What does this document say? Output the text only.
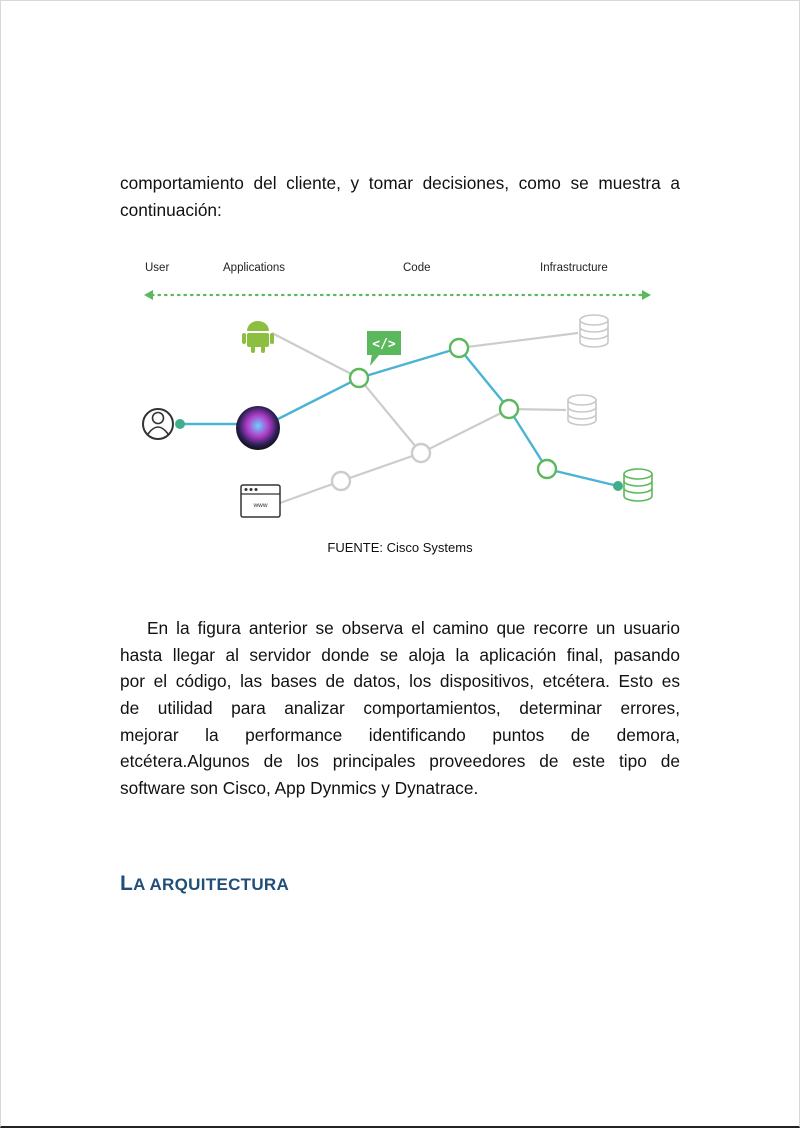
comportamiento del cliente, y tomar decisiones, como se muestra a
continuación:
User	Applications	Code	Infrastructure
www
</>
FUENTE: Cisco Systems
En la figura anterior se observa el camino que recorre un usuario
hasta llegar al servidor donde se aloja la aplicación final, pasando
por el código, las bases de datos, los dispositivos, etcétera. Esto es
de utilidad para analizar comportamientos, determinar errores,
mejorar la performance identificando puntos de demora,
etcétera.Algunos de los principales proveedores de este tipo de
software son Cisco, App Dynmics y Dynatrace.
LA ARQUITECTURA
